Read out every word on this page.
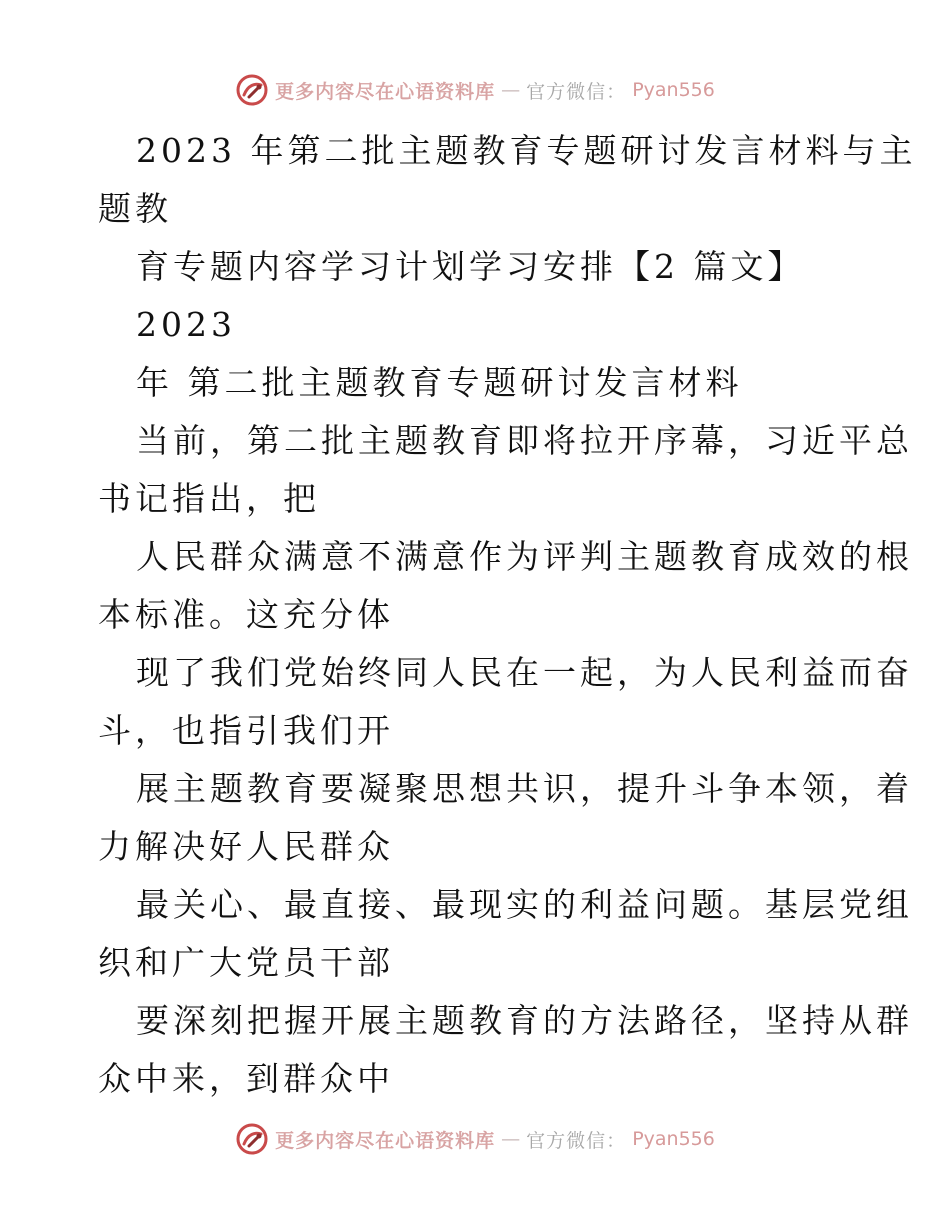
更多内容尽在心语资料库 — 官方微信： Pyan556
2023 年第二批主题教育专题研讨发言材料与主
题教
育专题内容学习计划学习安排【2 篇文】
2023
年 第二批主题教育专题研讨发言材料
当前，第二批主题教育即将拉开序幕，习近平总
书记指出，把
人民群众满意不满意作为评判主题教育成效的根
本标准。这充分体
现了我们党始终同人民在一起，为人民利益而奋
斗，也指引我们开
展主题教育要凝聚思想共识，提升斗争本领，着
力解决好人民群众
最关心、最直接、最现实的利益问题。基层党组
织和广大党员干部
要深刻把握开展主题教育的方法路径，坚持从群
众中来，到群众中
更多内容尽在心语资料库 — 官方微信： Pyan556
